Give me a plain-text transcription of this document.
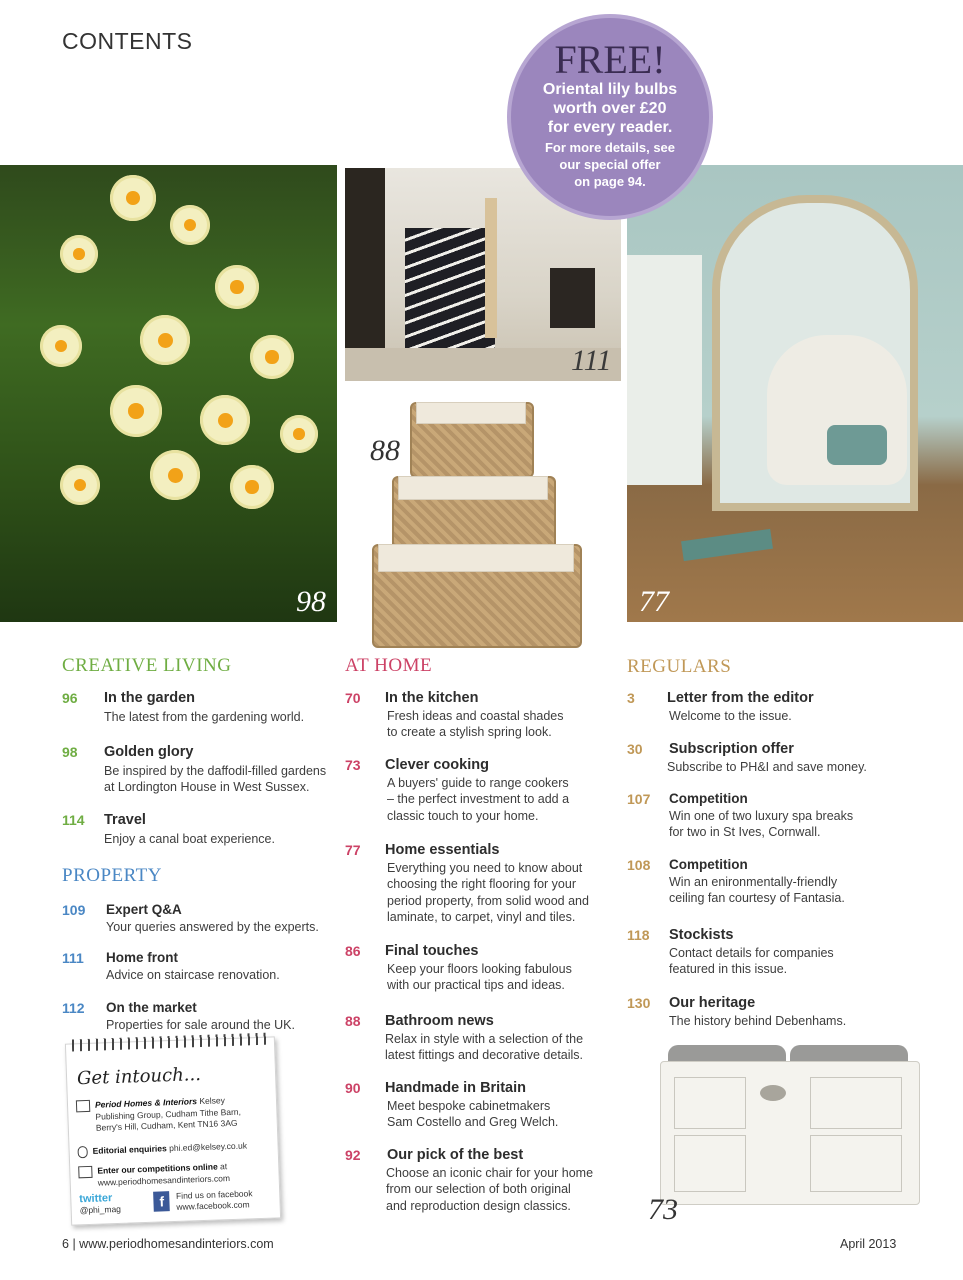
CONTENTS
98
111
77
FREE!
Oriental lily bulbs
worth over £20
for every reader.
For more details, see
our special offer
on page 94.
88
CREATIVE LIVING
96 In the garden
The latest from the gardening world.
98 Golden glory
Be inspired by the daffodil-filled gardens
at Lordington House in West Sussex.
114 Travel
Enjoy a canal boat experience.
PROPERTY
109 Expert Q&A
Your queries answered by the experts.
111 Home front
Advice on staircase renovation.
112 On the market
Properties for sale around the UK.
AT HOME
70 In the kitchen
Fresh ideas and coastal shades
to create a stylish spring look.
73 Clever cooking
A buyers' guide to range cookers
– the perfect investment to add a
classic touch to your home.
77 Home essentials
Everything you need to know about
choosing the right flooring for your
period property, from solid wood and
laminate, to carpet, vinyl and tiles.
86 Final touches
Keep your floors looking fabulous
with our practical tips and ideas.
88 Bathroom news
Relax in style with a selection of the
latest fittings and decorative details.
90 Handmade in Britain
Meet bespoke cabinetmakers
Sam Costello and Greg Welch.
92 Our pick of the best
Choose an iconic chair for your home
from our selection of both original
and reproduction design classics.
REGULARS
3 Letter from the editor
Welcome to the issue.
30 Subscription offer
Subscribe to PH&I and save money.
107 Competition
Win one of two luxury spa breaks
for two in St Ives, Cornwall.
108 Competition
Win an enironmentally-friendly
ceiling fan courtesy of Fantasia.
118 Stockists
Contact details for companies
featured in this issue.
130 Our heritage
The history behind Debenhams.
73
Get intouch...
Period Homes & Interiors Kelsey
Publishing Group, Cudham Tithe Barn,
Berry's Hill, Cudham, Kent TN16 3AG
Editorial enquiries phi.ed@kelsey.co.uk
Enter our competitions online at
www.periodhomesandinteriors.com
twitter
@phi_mag f Find us on facebook
www.facebook.com
6 | www.periodhomesandinteriors.com	April 2013
